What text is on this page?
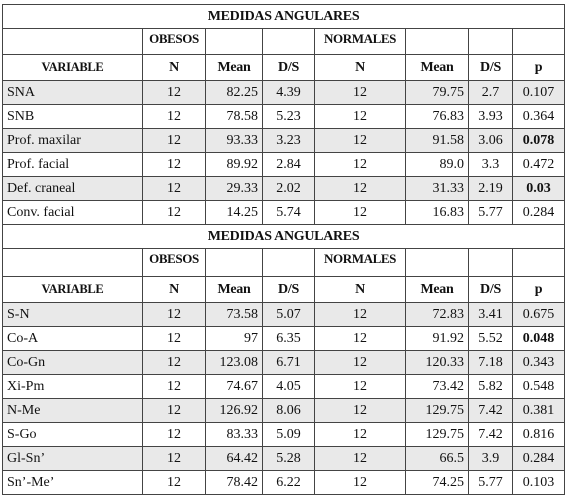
MEDIDAS ANGULARES							
	OBESOS			NORMALES			
VARIABLE	N	Mean	D/S	N	Mean	D/S	p
SNA	12	82.25	4.39	12	79.75	2.7	0.107
SNB	12	78.58	5.23	12	76.83	3.93	0.364
Prof. maxilar	12	93.33	3.23	12	91.58	3.06	0.078
Prof. facial	12	89.92	2.84	12	89.0	3.3	0.472
Def. craneal	12	29.33	2.02	12	31.33	2.19	0.03
Conv. facial	12	14.25	5.74	12	16.83	5.77	0.284
MEDIDAS ANGULARES							
	OBESOS			NORMALES			
VARIABLE	N	Mean	D/S	N	Mean	D/S	p
S-N	12	73.58	5.07	12	72.83	3.41	0.675
Co-A	12	97	6.35	12	91.92	5.52	0.048
Co-Gn	12	123.08	6.71	12	120.33	7.18	0.343
Xi-Pm	12	74.67	4.05	12	73.42	5.82	0.548
N-Me	12	126.92	8.06	12	129.75	7.42	0.381
S-Go	12	83.33	5.09	12	129.75	7.42	0.816
Gl-Sn’	12	64.42	5.28	12	66.5	3.9	0.284
Sn’-Me’	12	78.42	6.22	12	74.25	5.77	0.103
